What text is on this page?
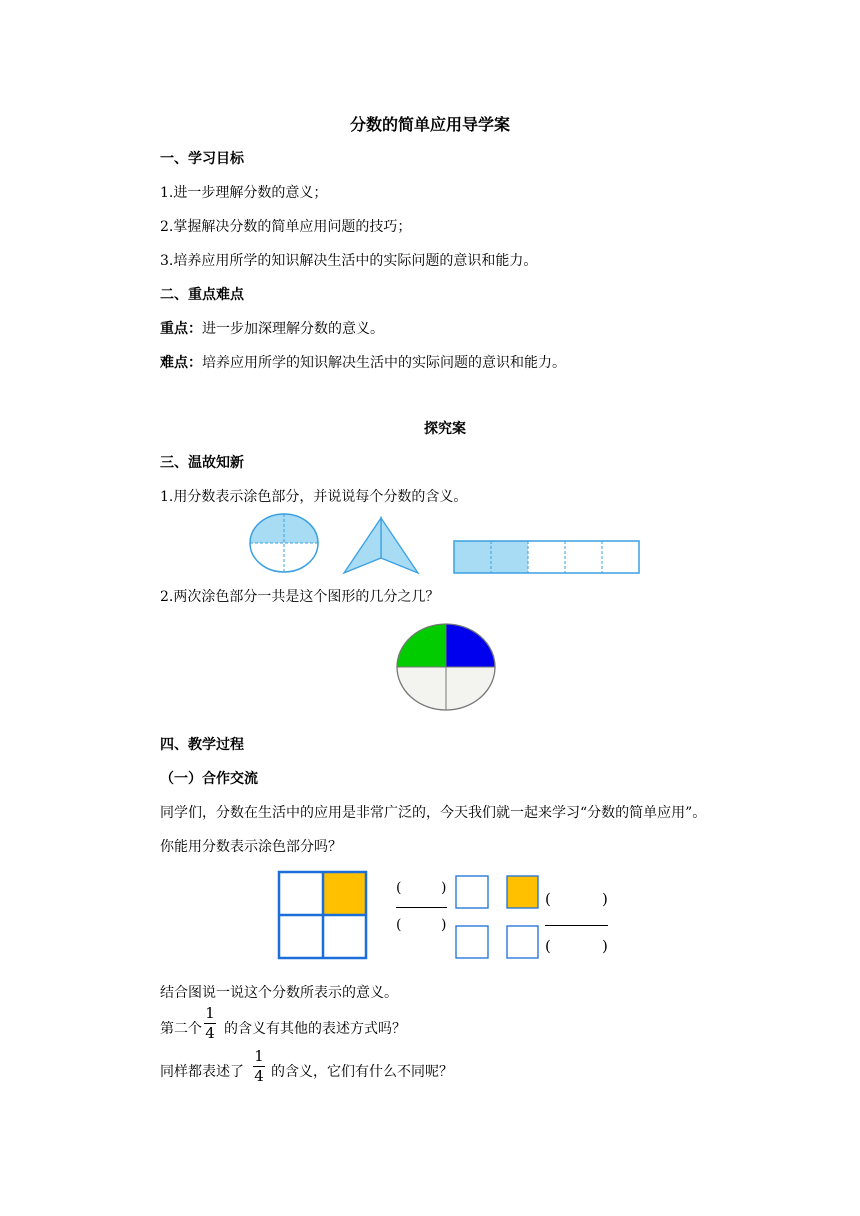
分数的简单应用导学案
一、学习目标
1.进一步理解分数的意义；
2.掌握解决分数的简单应用问题的技巧；
3.培养应用所学的知识解决生活中的实际问题的意识和能力。
二、重点难点
重点：进一步加深理解分数的意义。
难点：培养应用所学的知识解决生活中的实际问题的意识和能力。
探究案
三、温故知新
1.用分数表示涂色部分，并说说每个分数的含义。
2.两次涂色部分一共是这个图形的几分之几？
四、教学过程
（一）合作交流
同学们，分数在生活中的应用是非常广泛的，今天我们就一起来学习“分数的简单应用”。
你能用分数表示涂色部分吗？
(	)
(	)
(	)
(	)
结合图说一说这个分数所表示的意义。
第二个
1
4 的含义有其他的表述方式吗？
同样都表述了
1
4 的含义，它们有什么不同呢？
